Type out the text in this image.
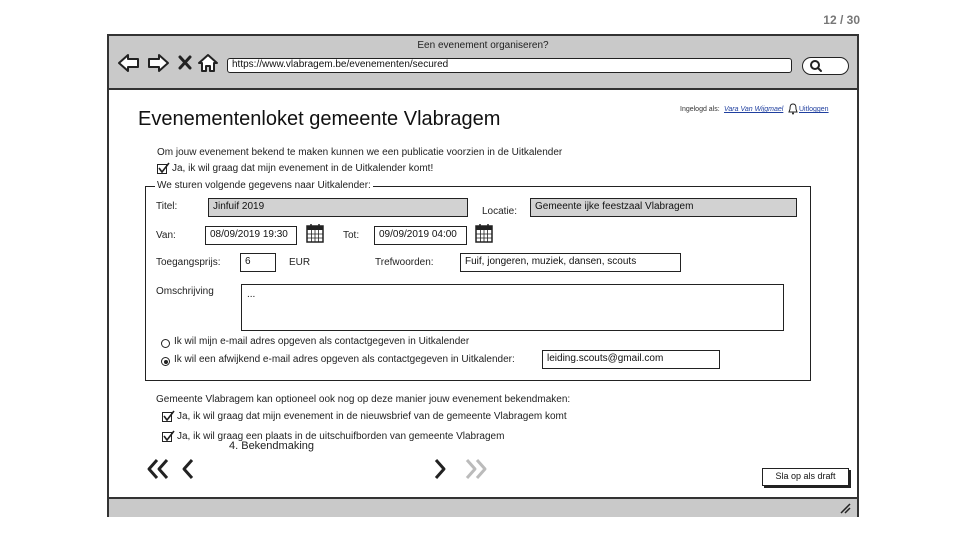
12 / 30
Een evenement organiseren?
https://www.vlabragem.be/evenementen/secured
Evenementenloket gemeente Vlabragem	Ingelogd als: Vara Van Wijgmael Uitloggen
Om jouw evenement bekend te maken kunnen we een publicatie voorzien in de Uitkalender
Ja, ik wil graag dat mijn evenement in de Uitkalender komt!
We sturen volgende gegevens naar Uitkalender:
Titel:	Jinfuif 2019	Locatie:	Gemeente ijke feestzaal Vlabragem
Van:	08/09/2019 19:30	Tot:	09/09/2019 04:00
Toegangsprijs:	6	EUR	Trefwoorden:	Fuif, jongeren, muziek, dansen, scouts
Omschrijving	...
Ik wil mijn e-mail adres opgeven als contactgegeven in Uitkalender
Ik wil een afwijkend e-mail adres opgeven als contactgegeven in Uitkalender:	leiding.scouts@gmail.com
Gemeente Vlabragem kan optioneel ook nog op deze manier jouw evenement bekendmaken:
Ja, ik wil graag dat mijn evenement in de nieuwsbrief van de gemeente Vlabragem komt
Ja, ik wil graag een plaats in de uitschuifborden van gemeente Vlabragem
4. Bekendmaking
Sla op als draft
